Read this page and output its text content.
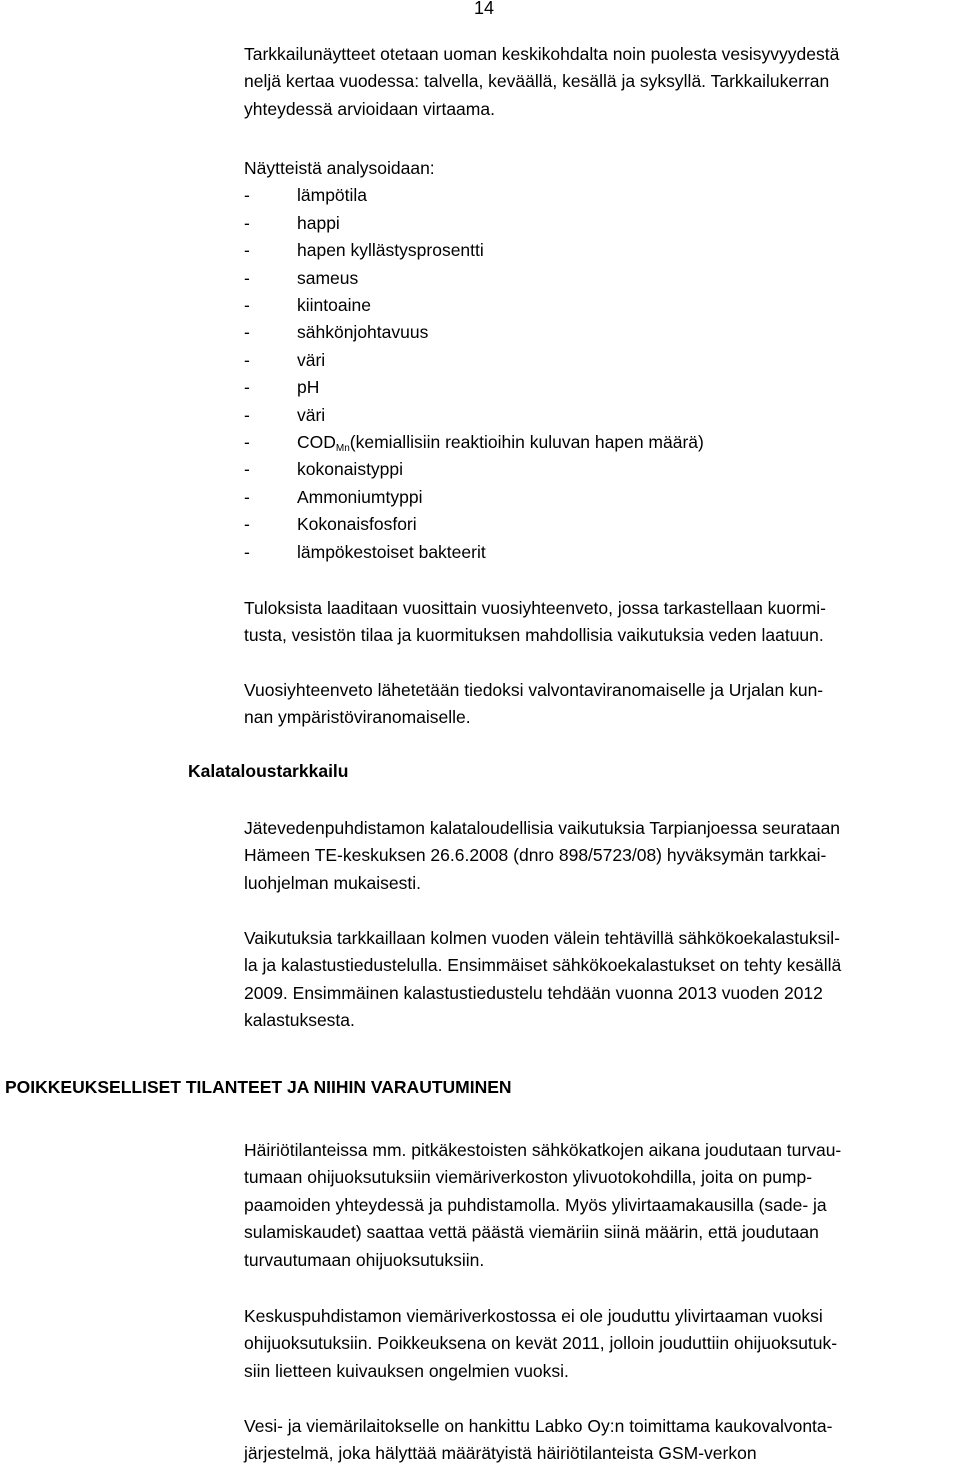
14

Tarkkailunäytteet otetaan uoman keskikohdalta noin puolesta vesisyvyydestä

neljä kertaa vuodessa: talvella, keväällä, kesällä ja syksyllä. Tarkkailukerran

yhteydessä arvioidaan virtaama.

Näytteistä analysoidaan:

-	lämpötila
-	happi
-	hapen kyllästysprosentti
-	sameus
-	kiintoaine
-	sähkönjohtavuus
-	väri
-	pH
-	väri
-	$COD_{Mn}(kemiallisiin$ reaktioihin kuluvan hapen määrä)
-	kokonaistyppi
-	Ammoniumtyppi
-	Kokonaisfosfori
-	lämpökestoiset bakteerit

Tuloksista laaditaan vuosittain vuosiyhteenveto, jossa tarkastellaan kuormi-

tusta, vesistön tilaa ja kuormituksen mahdollisia vaikutuksia veden laatuun.

Vuosiyhteenveto lähetetään tiedoksi valvontaviranomaiselle ja Urjalan kun-

nan ympäristöviranomaiselle.

Kalataloustarkkailu

Jätevedenpuhdistamon kalataloudellisia vaikutuksia Tarpianjoessa seurataan

Hämeen TE-keskuksen 26.6.2008 (dnro 898/5723/08) hyväksymän tarkkai-

luohjelman mukaisesti.

Vaikutuksia tarkkaillaan kolmen vuoden välein tehtävillä sähkökoekalastuksil-

la ja kalastustiedustelulla. Ensimmäiset sähkökoekalastukset on tehty kesällä

2009. Ensimmäinen kalastustiedustelu tehdään vuonna 2013 vuoden 2012

kalastuksesta.

POIKKEUKSELLISET TILANTEET JA NIIHIN VARAUTUMINEN

Häiriötilanteissa mm. pitkäkestoisten sähkökatkojen aikana joudutaan turvau-

tumaan ohijuoksutuksiin viemäriverkoston ylivuotokohdilla, joita on pump-

paamoiden yhteydessä ja puhdistamolla. Myös ylivirtaamakausilla (sade- ja

sulamiskaudet) saattaa vettä päästä viemäriin siinä määrin, että joudutaan

turvautumaan ohijuoksutuksiin.

Keskuspuhdistamon viemäriverkostossa ei ole jouduttu ylivirtaaman vuoksi

ohijuoksutuksiin. Poikkeuksena on kevät 2011, jolloin jouduttiin ohijuoksutuk-

siin lietteen kuivauksen ongelmien vuoksi.

Vesi- ja viemärilaitokselle on hankittu Labko Oy:n toimittama kaukovalvonta-

järjestelmä, joka hälyttää määrätyistä häiriötilanteista GSM-verkon
